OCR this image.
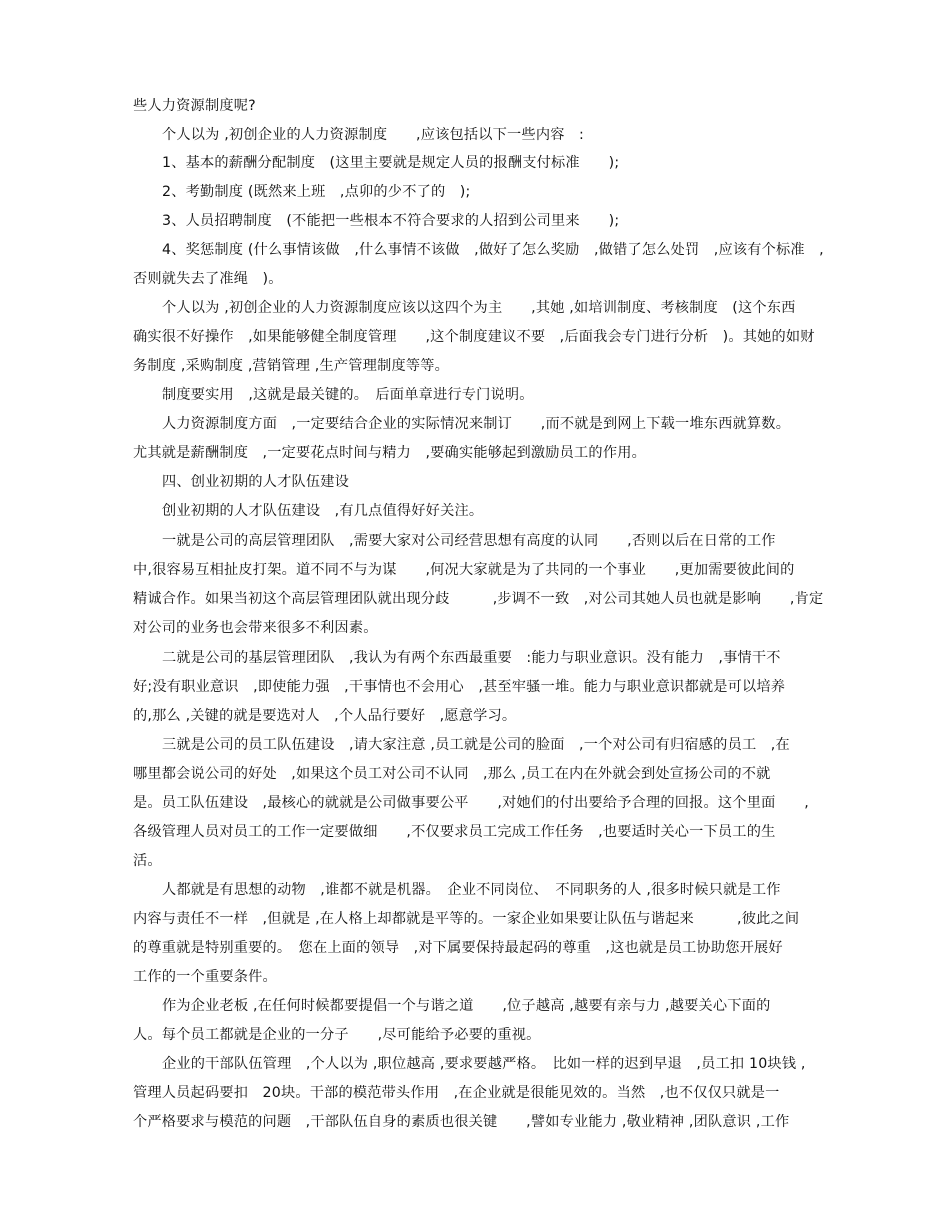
些人力资源制度呢?
个人以为 ,初创企业的人力资源制度　　,应该包括以下一些内容　:
1、基本的薪酬分配制度　(这里主要就是规定人员的报酬支付标准　　);
2、考勤制度 (既然来上班　,点卯的少不了的　);
3、人员招聘制度　(不能把一些根本不符合要求的人招到公司里来　　);
4、奖惩制度 (什么事情该做　,什么事情不该做　,做好了怎么奖励　,做错了怎么处罚　,应该有个标准　,
否则就失去了准绳　)。
个人以为 ,初创企业的人力资源制度应该以这四个为主　　,其她 ,如培训制度、考核制度　(这个东西
确实很不好操作　,如果能够健全制度管理　　,这个制度建议不要　,后面我会专门进行分析　)。其她的如财
务制度 ,采购制度 ,营销管理 ,生产管理制度等等。
制度要实用　,这就是最关键的。　后面单章进行专门说明。
人力资源制度方面　,一定要结合企业的实际情况来制订　　,而不就是到网上下载一堆东西就算数。
尤其就是薪酬制度　,一定要花点时间与精力　,要确实能够起到激励员工的作用。
四、创业初期的人才队伍建设
创业初期的人才队伍建设　,有几点值得好好关注。
一就是公司的高层管理团队　,需要大家对公司经营思想有高度的认同　　,否则以后在日常的工作
中,很容易互相扯皮打架。道不同不与为谋　　,何况大家就是为了共同的一个事业　　,更加需要彼此间的
精诚合作。如果当初这个高层管理团队就出现分歧　　　,步调不一致　,对公司其她人员也就是影响　　,肯定
对公司的业务也会带来很多不利因素。
二就是公司的基层管理团队　,我认为有两个东西最重要　:能力与职业意识。没有能力　,事情干不
好;没有职业意识　,即使能力强　,干事情也不会用心　,甚至牢骚一堆。能力与职业意识都就是可以培养
的,那么 ,关键的就是要选对人　,个人品行要好　,愿意学习。
三就是公司的员工队伍建设　,请大家注意 ,员工就是公司的脸面　,一个对公司有归宿感的员工　,在
哪里都会说公司的好处　,如果这个员工对公司不认同　,那么 ,员工在内在外就会到处宣扬公司的不就
是。员工队伍建设　,最核心的就就是公司做事要公平　　,对她们的付出要给予合理的回报。这个里面　　,
各级管理人员对员工的工作一定要做细　　,不仅要求员工完成工作任务　,也要适时关心一下员工的生
活。
人都就是有思想的动物　,谁都不就是机器。　企业不同岗位、　不同职务的人 ,很多时候只就是工作
内容与责任不一样　,但就是 ,在人格上却都就是平等的。一家企业如果要让队伍与谐起来　　　,彼此之间
的尊重就是特别重要的。　您在上面的领导　,对下属要保持最起码的尊重　,这也就是员工协助您开展好
工作的一个重要条件。
作为企业老板 ,在任何时候都要提倡一个与谐之道　　,位子越高 ,越要有亲与力 ,越要关心下面的
人。每个员工都就是企业的一分子　　,尽可能给予必要的重视。
企业的干部队伍管理　,个人以为 ,职位越高 ,要求要越严格。　比如一样的迟到早退　,员工扣 10块钱 ,
管理人员起码要扣　20块。干部的模范带头作用　,在企业就是很能见效的。当然　,也不仅仅只就是一
个严格要求与模范的问题　,干部队伍自身的素质也很关键　　,譬如专业能力 ,敬业精神 ,团队意识 ,工作
